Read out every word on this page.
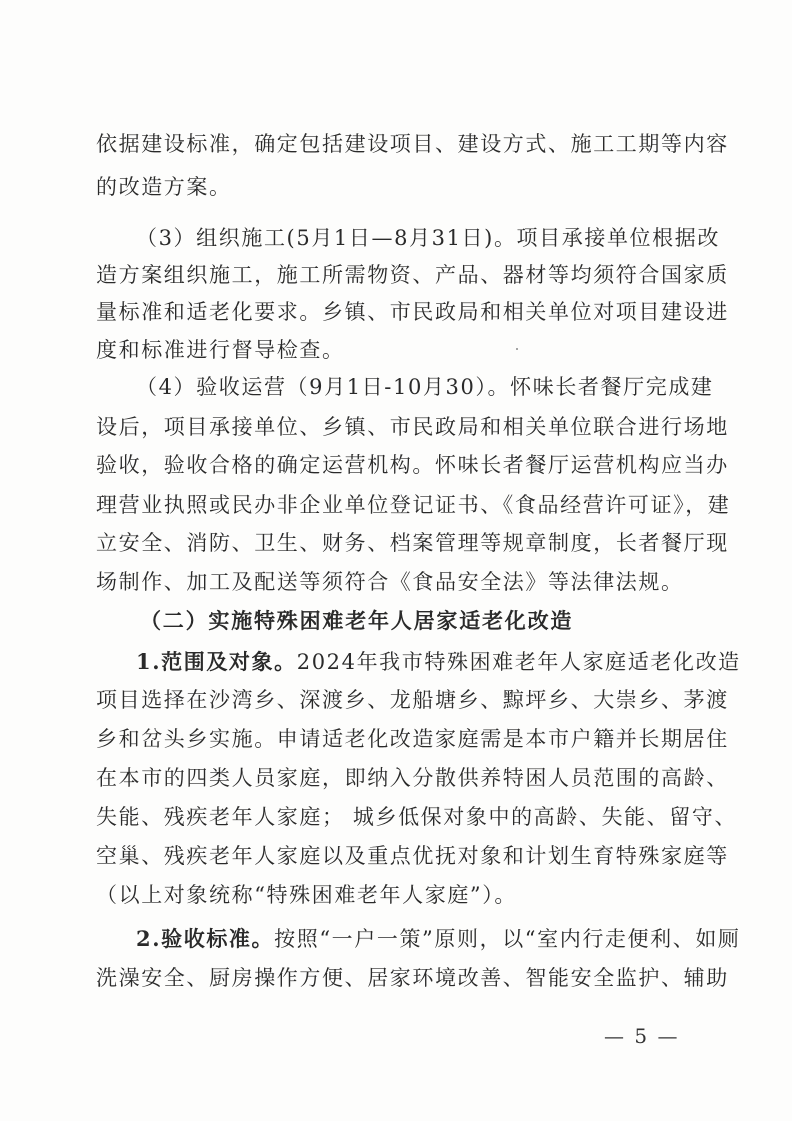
依据建设标准，确定包括建设项目、建设方式、施工工期等内容
的改造方案。
（3）组织施工(5月1日—8月31日)。项目承接单位根据改
造方案组织施工，施工所需物资、产品、器材等均须符合国家质
量标准和适老化要求。乡镇、市民政局和相关单位对项目建设进
度和标准进行督导检查。
（4）验收运营（9月1日-10月30）。怀味长者餐厅完成建
设后，项目承接单位、乡镇、市民政局和相关单位联合进行场地
验收，验收合格的确定运营机构。怀味长者餐厅运营机构应当办
理营业执照或民办非企业单位登记证书、《食品经营许可证》，建
立安全、消防、卫生、财务、档案管理等规章制度，长者餐厅现
场制作、加工及配送等须符合《食品安全法》等法律法规。
（二）实施特殊困难老年人居家适老化改造
1.范围及对象。2024年我市特殊困难老年人家庭适老化改造
项目选择在沙湾乡、深渡乡、龙船塘乡、黥坪乡、大崇乡、茅渡
乡和岔头乡实施。申请适老化改造家庭需是本市户籍并长期居住
在本市的四类人员家庭，即纳入分散供养特困人员范围的高龄、
失能、残疾老年人家庭； 城乡低保对象中的高龄、失能、留守、
空巢、残疾老年人家庭以及重点优抚对象和计划生育特殊家庭等
（以上对象统称“特殊困难老年人家庭”）。
2.验收标准。按照“一户一策”原则，以“室内行走便利、如厕
洗澡安全、厨房操作方便、居家环境改善、智能安全监护、辅助
— 5 —
